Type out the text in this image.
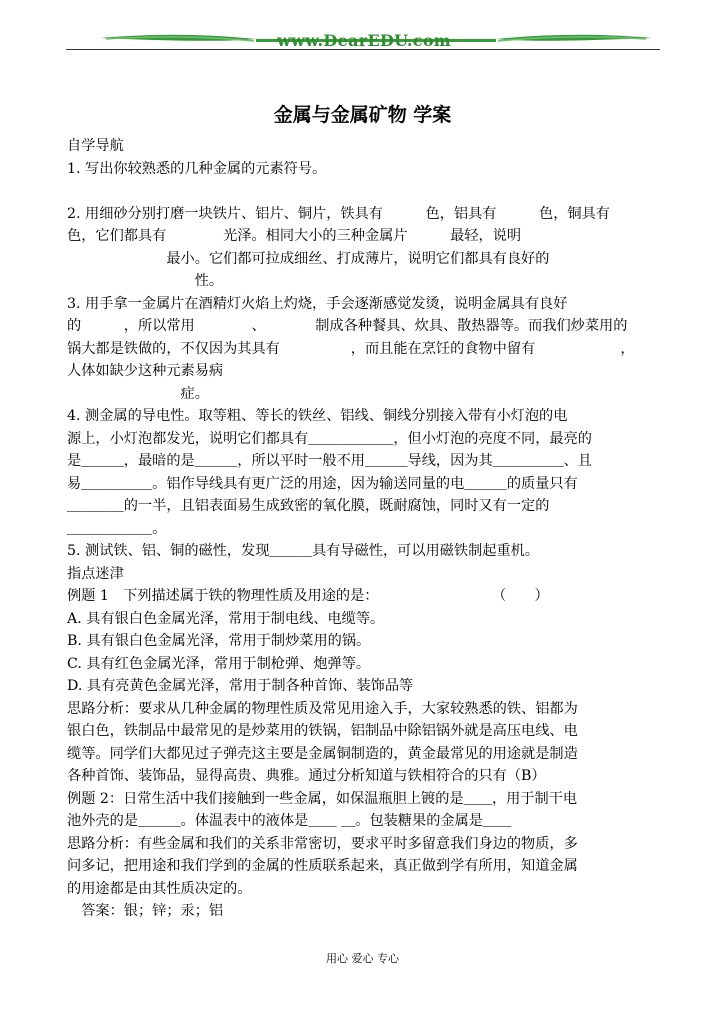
www.DearEDU.com
金属与金属矿物 学案
自学导航
1. 写出你较熟悉的几种金属的元素符号。
2. 用细砂分别打磨一块铁片、铝片、铜片，铁具有　　　色，铝具有　　　色，铜具有
色，它们都具有　　　　光泽。相同大小的三种金属片　　　最轻，说明
　　　　　　　最小。它们都可拉成细丝、打成薄片，说明它们都具有良好的
　　　　　　　　　性。
3. 用手拿一金属片在酒精灯火焰上灼烧，手会逐渐感觉发烫，说明金属具有良好
的　　　，所以常用　　　　、　　　　制成各种餐具、炊具、散热器等。而我们炒菜用的
锅大都是铁做的，不仅因为其具有　　　　　，而且能在烹饪的食物中留有　　　　　　，
人体如缺少这种元素易病
　　　　　　　　症。
4. 测金属的导电性。取等粗、等长的铁丝、铝线、铜线分别接入带有小灯泡的电
源上，小灯泡都发光，说明它们都具有＿＿＿＿＿＿，但小灯泡的亮度不同，最亮的
是＿＿＿，最暗的是＿＿＿，所以平时一般不用＿＿＿导线，因为其＿＿＿＿＿、且
易＿＿＿＿＿。铝作导线具有更广泛的用途，因为输送同量的电＿＿＿的质量只有
＿＿＿＿的一半，且铝表面易生成致密的氧化膜，既耐腐蚀，同时又有一定的
＿＿＿＿＿＿。
5. 测试铁、铝、铜的磁性，发现＿＿＿具有导磁性，可以用磁铁制起重机。
指点迷津
例题 1　下列描述属于铁的物理性质及用途的是：　　　　　　　　　（　　）
A. 具有银白色金属光泽，常用于制电线、电缆等。
B. 具有银白色金属光泽，常用于制炒菜用的锅。
C. 具有红色金属光泽，常用于制枪弹、炮弹等。
D. 具有亮黄色金属光泽，常用于制各种首饰、装饰品等
思路分析：要求从几种金属的物理性质及常见用途入手，大家较熟悉的铁、铝都为
银白色，铁制品中最常见的是炒菜用的铁锅，铝制品中除铝锅外就是高压电线、电
缆等。同学们大都见过子弹壳这主要是金属铜制造的，黄金最常见的用途就是制造
各种首饰、装饰品，显得高贵、典雅。通过分析知道与铁相符合的只有（B）
例题 2：日常生活中我们接触到一些金属，如保温瓶胆上镀的是＿＿，用于制干电
池外壳的是＿＿＿。体温表中的液体是＿＿ ＿。包装糖果的金属是＿＿
思路分析：有些金属和我们的关系非常密切，要求平时多留意我们身边的物质，多
问多记，把用途和我们学到的金属的性质联系起来，真正做到学有所用，知道金属
的用途都是由其性质决定的。
　答案：银；锌；汞；铝
用心 爱心 专心
